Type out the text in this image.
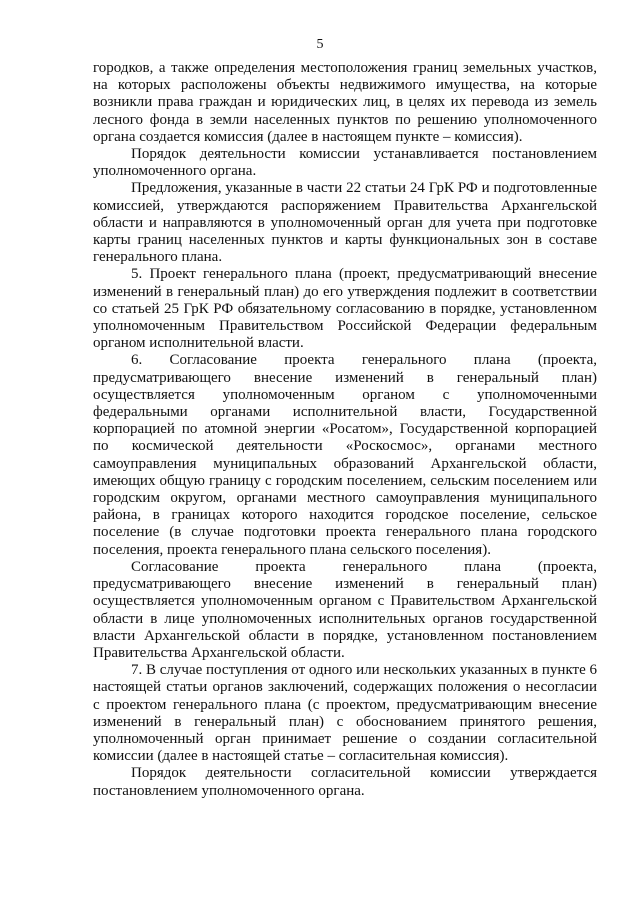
5

городков, а также определения местоположения границ земельных участков, на которых расположены объекты недвижимого имущества, на которые возникли права граждан и юридических лиц, в целях их перевода из земель лесного фонда в земли населенных пунктов по решению уполномоченного органа создается комиссия (далее в настоящем пункте – комиссия).

Порядок деятельности комиссии устанавливается постановлением уполномоченного органа.

Предложения, указанные в части 22 статьи 24 ГрК РФ и подготовленные комиссией, утверждаются распоряжением Правительства Архангельской области и направляются в уполномоченный орган для учета при подготовке карты границ населенных пунктов и карты функциональных зон в составе генерального плана.

5. Проект генерального плана (проект, предусматривающий внесение изменений в генеральный план) до его утверждения подлежит в соответствии со статьей 25 ГрК РФ обязательному согласованию в порядке, установленном уполномоченным Правительством Российской Федерации федеральным органом исполнительной власти.

6. Согласование проекта генерального плана (проекта, предусматривающего внесение изменений в генеральный план) осуществляется уполномоченным органом с уполномоченными федеральными органами исполнительной власти, Государственной корпорацией по атомной энергии «Росатом», Государственной корпорацией по космической деятельности «Роскосмос», органами местного самоуправления муниципальных образований Архангельской области, имеющих общую границу с городским поселением, сельским поселением или городским округом, органами местного самоуправления муниципального района, в границах которого находится городское поселение, сельское поселение (в случае подготовки проекта генерального плана городского поселения, проекта генерального плана сельского поселения).

Согласование проекта генерального плана (проекта, предусматривающего внесение изменений в генеральный план) осуществляется уполномоченным органом с Правительством Архангельской области в лице уполномоченных исполнительных органов государственной власти Архангельской области в порядке, установленном постановлением Правительства Архангельской области.

7. В случае поступления от одного или нескольких указанных в пункте 6 настоящей статьи органов заключений, содержащих положения о несогласии с проектом генерального плана (с проектом, предусматривающим внесение изменений в генеральный план) с обоснованием принятого решения, уполномоченный орган принимает решение о создании согласительной комиссии (далее в настоящей статье – согласительная комиссия).

Порядок деятельности согласительной комиссии утверждается постановлением уполномоченного органа.
